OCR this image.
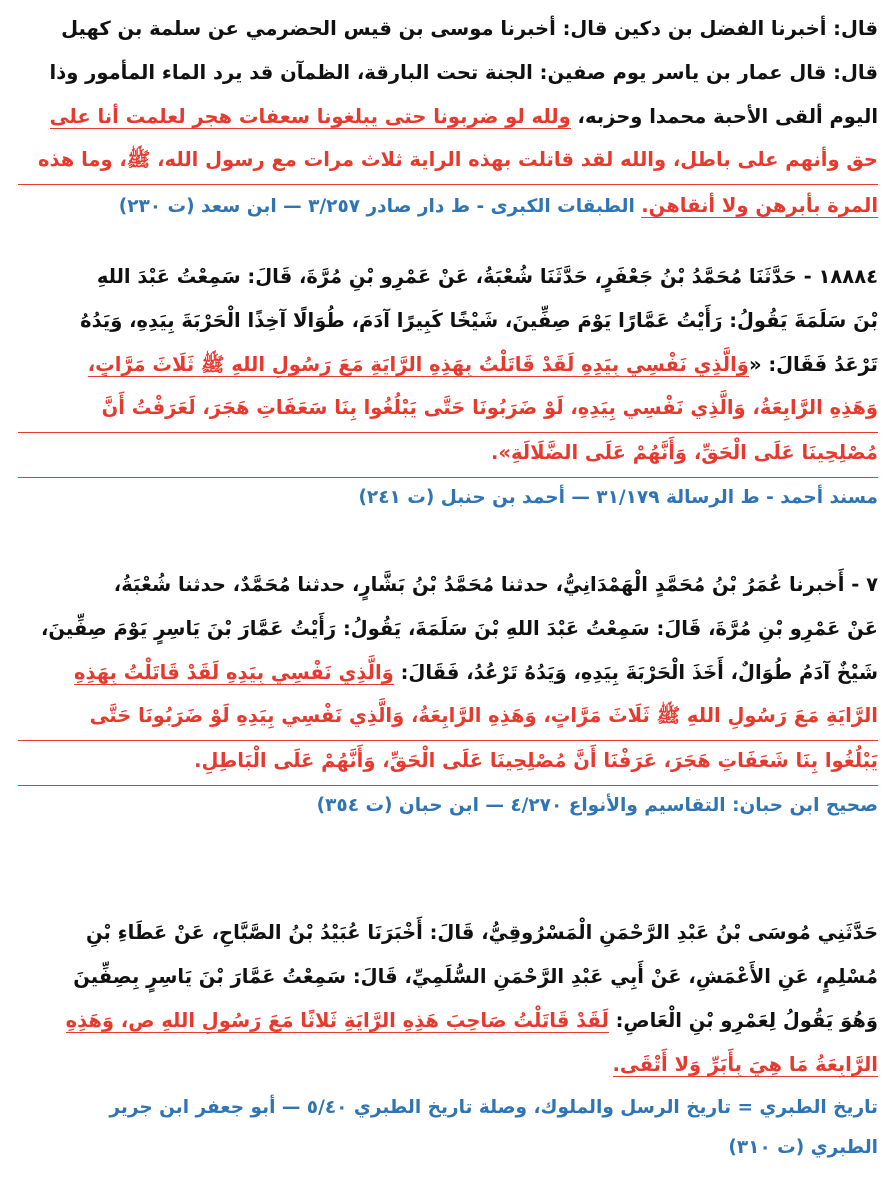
قال: أخبرنا الفضل بن دكين قال: أخبرنا موسى بن قيس الحضرمي عن سلمة بن كهيل
قال: قال عمار بن ياسر يوم صفين: الجنة تحت البارقة، الظمآن قد يرد الماء المأمور وذا
اليوم ألقى الأحبة محمدا وحزبه، ولله لو ضربونا حتى يبلغونا سعفات هجر لعلمت أنا على
حق وأنهم على باطل، والله لقد قاتلت بهذه الراية ثلاث مرات مع رسول الله، ﷺ، وما هذه
المرة بأبرهن ولا أنقاهن. الطبقات الكبرى - ط دار صادر ٣/٢٥٧ — ابن سعد (ت ٢٣٠)
١٨٨٨٤ - حَدَّثَنَا مُحَمَّدُ بْنُ جَعْفَرٍ، حَدَّثَنَا شُعْبَةُ، عَنْ عَمْرِو بْنِ مُرَّةَ، قَالَ: سَمِعْتُ عَبْدَ اللهِ
بْنَ سَلَمَةَ يَقُولُ: رَأَيْتُ عَمَّارًا يَوْمَ صِفِّينَ، شَيْخًا كَبِيرًا آدَمَ، طُوَالًا آخِذًا الْحَرْبَةَ بِيَدِهِ، وَيَدُهُ
تَرْعَدُ فَقَالَ: «وَالَّذِي نَفْسِي بِيَدِهِ لَقَدْ قَاتَلْتُ بِهَذِهِ الرَّايَةِ مَعَ رَسُولِ اللهِ ﷺ ثَلَاثَ مَرَّاتٍ،
وَهَذِهِ الرَّابِعَةُ، وَالَّذِي نَفْسِي بِيَدِهِ، لَوْ ضَرَبُونَا حَتَّى يَبْلُغُوا بِنَا سَعَفَاتِ هَجَرَ، لَعَرَفْتُ أَنَّ
مُصْلِحِينَا عَلَى الْحَقِّ، وَأَنَّهُمْ عَلَى الضَّلَالَةِ».
مسند أحمد - ط الرسالة ٣١/١٧٩ — أحمد بن حنبل (ت ٢٤١)
٧ - أَخبرنا عُمَرُ بْنُ مُحَمَّدٍ الْهَمْدَانِيُّ، حدثنا مُحَمَّدُ بْنُ بَشَّارٍ، حدثنا مُحَمَّدٌ، حدثنا شُعْبَةُ،
عَنْ عَمْرِو بْنِ مُرَّةَ، قَالَ: سَمِعْتُ عَبْدَ اللهِ بْنَ سَلَمَةَ، يَقُولُ: رَأَيْتُ عَمَّارَ بْنَ يَاسِرٍ يَوْمَ صِفِّينَ،
شَيْخٌ آدَمُ طُوَالٌ، أَخَذَ الْحَرْبَةَ بِيَدِهِ، وَيَدُهُ تَرْعُدُ، فَقَالَ: وَالَّذِي نَفْسِي بِيَدِهِ لَقَدْ قَاتَلْتُ بِهَذِهِ
الرَّايَةِ مَعَ رَسُولِ اللهِ ﷺ ثَلَاثَ مَرَّاتٍ، وَهَذِهِ الرَّابِعَةُ، وَالَّذِي نَفْسِي بِيَدِهِ لَوْ ضَرَبُونَا حَتَّى
يَبْلُغُوا بِنَا شَعَفَاتِ هَجَرَ، عَرَفْنَا أَنَّ مُصْلِحِينَا عَلَى الْحَقِّ، وَأَنَّهُمْ عَلَى الْبَاطِلِ.
صحيح ابن حبان: التقاسيم والأنواع ٤/٢٧٠ — ابن حبان (ت ٣٥٤)
حَدَّثَنِي مُوسَى بْنُ عَبْدِ الرَّحْمَنِ الْمَسْرُوقِيُّ، قَالَ: أَخْبَرَنَا عُبَيْدُ بْنُ الصَّبَّاحِ، عَنْ عَطَاءِ بْنِ
مُسْلِمٍ، عَنِ الأَعْمَشِ، عَنْ أَبِي عَبْدِ الرَّحْمَنِ السُّلَمِيِّ، قَالَ: سَمِعْتُ عَمَّارَ بْنَ يَاسِرٍ بِصِفِّينَ
وَهُوَ يَقُولُ لِعَمْرِو بْنِ الْعَاصِ: لَقَدْ قَاتَلْتُ صَاحِبَ هَذِهِ الرَّايَةِ ثَلاثًا مَعَ رَسُولِ اللهِ ص، وَهَذِهِ
الرَّابِعَةُ مَا هِيَ بِأَبَرِّ وَلا أَتْقَى.
تاريخ الطبري = تاريخ الرسل والملوك، وصلة تاريخ الطبري ٥/٤٠ — أبو جعفر ابن جرير
الطبري (ت ٣١٠)
